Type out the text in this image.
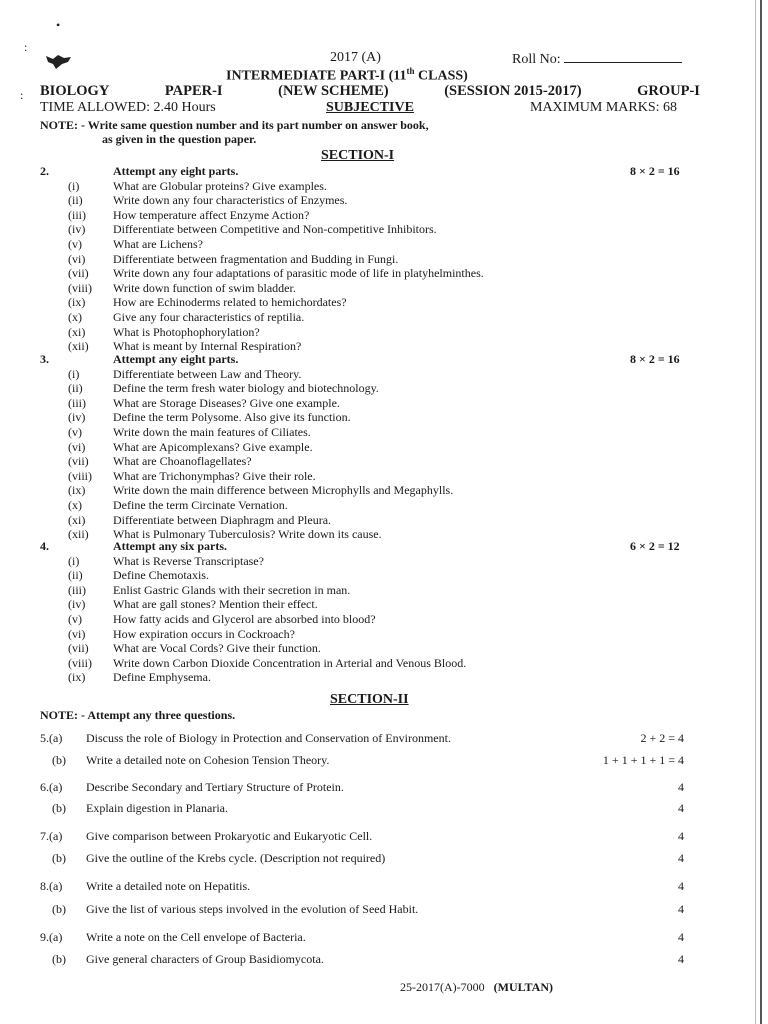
•
:
:
2017 (A)	Roll No:
INTERMEDIATE PART-I (11th CLASS)
BIOLOGY	PAPER-I	(NEW SCHEME)	(SESSION 2015-2017)	GROUP-I
TIME ALLOWED: 2.40 Hours	SUBJECTIVE	MAXIMUM MARKS: 68
NOTE: - Write same question number and its part number on answer book,
as given in the question paper.
SECTION-I
2.	Attempt any eight parts.	8 × 2 = 16
(i)	What are Globular proteins? Give examples.
(ii)	Write down any four characteristics of Enzymes.
(iii)	How temperature affect Enzyme Action?
(iv)	Differentiate between Competitive and Non-competitive Inhibitors.
(v)	What are Lichens?
(vi)	Differentiate between fragmentation and Budding in Fungi.
(vii)	Write down any four adaptations of parasitic mode of life in platyhelminthes.
(viii)	Write down function of swim bladder.
(ix)	How are Echinoderms related to hemichordates?
(x)	Give any four characteristics of reptilia.
(xi)	What is Photophophorylation?
(xii)	What is meant by Internal Respiration?
3.	Attempt any eight parts.	8 × 2 = 16
(i)	Differentiate between Law and Theory.
(ii)	Define the term fresh water biology and biotechnology.
(iii)	What are Storage Diseases? Give one example.
(iv)	Define the term Polysome. Also give its function.
(v)	Write down the main features of Ciliates.
(vi)	What are Apicomplexans? Give example.
(vii)	What are Choanoflagellates?
(viii)	What are Trichonymphas? Give their role.
(ix)	Write down the main difference between Microphylls and Megaphylls.
(x)	Define the term Circinate Vernation.
(xi)	Differentiate between Diaphragm and Pleura.
(xii)	What is Pulmonary Tuberculosis? Write down its cause.
4.	Attempt any six parts.	6 × 2 = 12
(i)	What is Reverse Transcriptase?
(ii)	Define Chemotaxis.
(iii)	Enlist Gastric Glands with their secretion in man.
(iv)	What are gall stones? Mention their effect.
(v)	How fatty acids and Glycerol are absorbed into blood?
(vi)	How expiration occurs in Cockroach?
(vii)	What are Vocal Cords? Give their function.
(viii)	Write down Carbon Dioxide Concentration in Arterial and Venous Blood.
(ix)	Define Emphysema.
SECTION-II
NOTE: - Attempt any three questions.
5.(a) Discuss the role of Biology in Protection and Conservation of Environment.	2 + 2 = 4
(b) Write a detailed note on Cohesion Tension Theory.	1 + 1 + 1 + 1 = 4
6.(a) Describe Secondary and Tertiary Structure of Protein.	4
(b) Explain digestion in Planaria.	4
7.(a) Give comparison between Prokaryotic and Eukaryotic Cell.	4
(b) Give the outline of the Krebs cycle. (Description not required)	4
8.(a) Write a detailed note on Hepatitis.	4
(b) Give the list of various steps involved in the evolution of Seed Habit.	4
9.(a) Write a note on the Cell envelope of Bacteria.	4
(b) Give general characters of Group Basidiomycota.	4
25-2017(A)-7000 (MULTAN)
